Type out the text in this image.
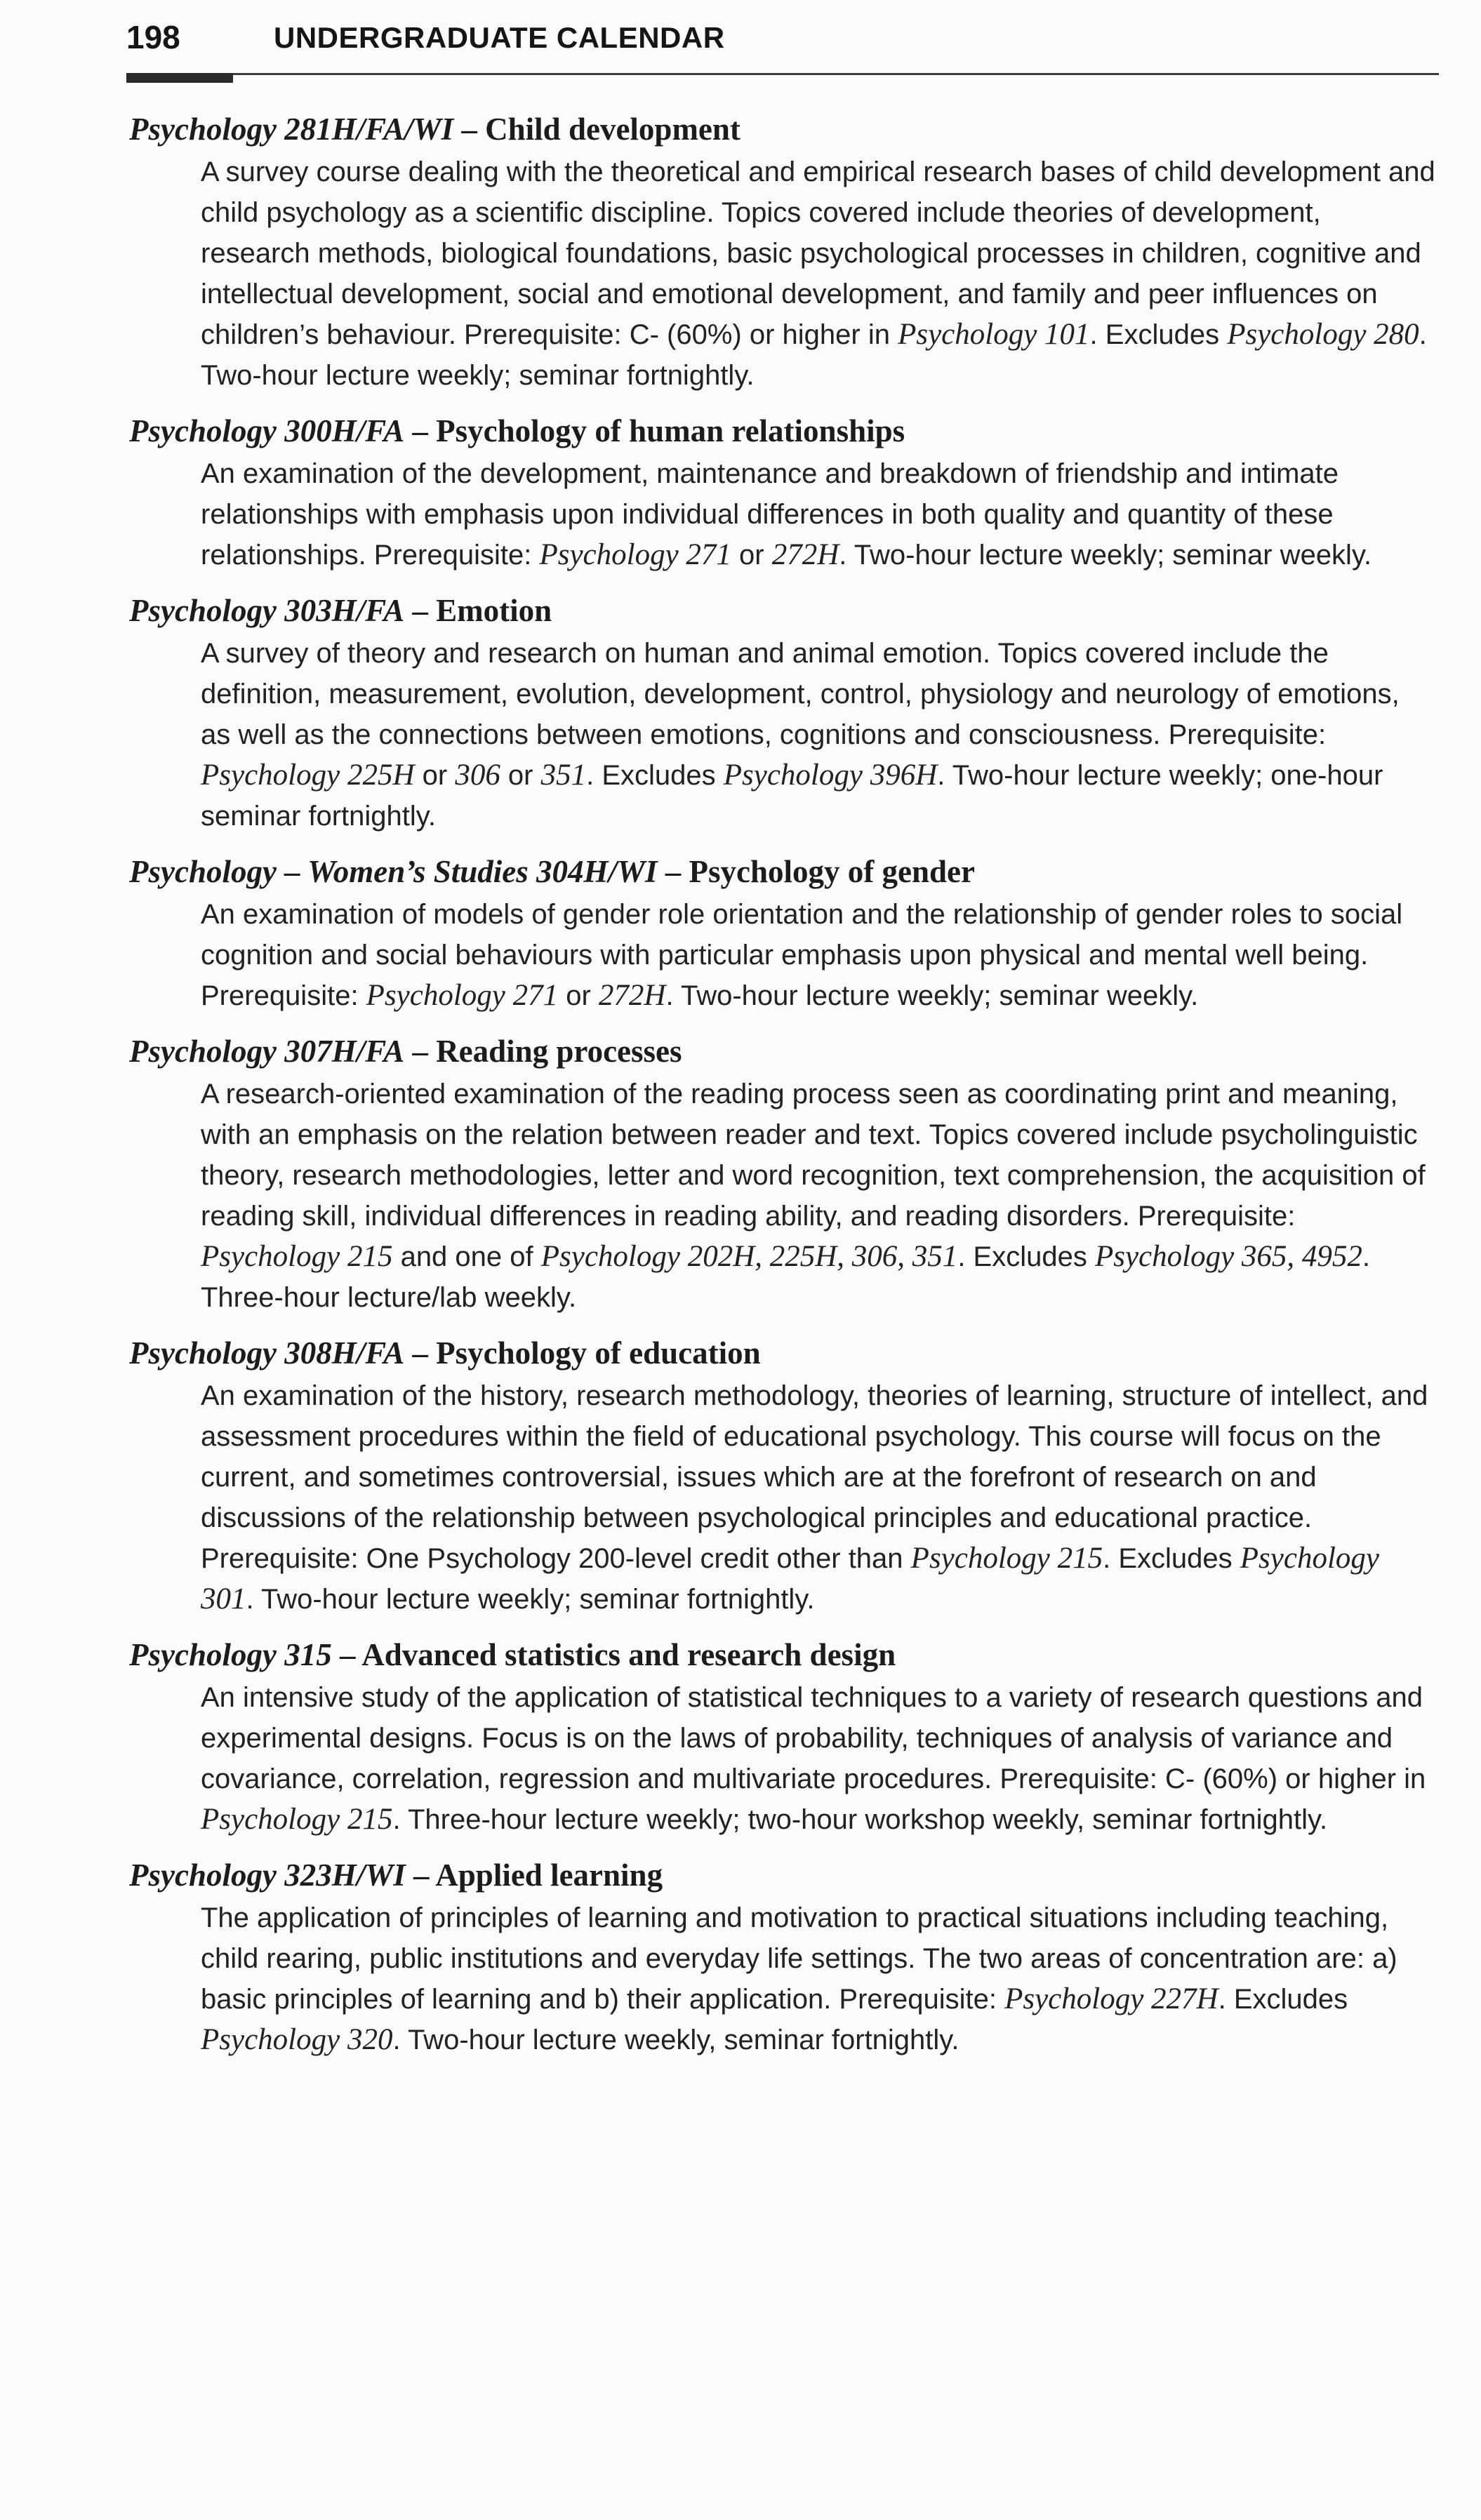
198	UNDERGRADUATE CALENDAR

Psychology 281H/FA/WI – Child development

A survey course dealing with the theoretical and empirical research bases of child development and child psychology as a scientific discipline. Topics covered include theories of development, research methods, biological foundations, basic psychological processes in children, cognitive and intellectual development, social and emotional development, and family and peer influences on children’s behaviour. Prerequisite: C- (60%) or higher in Psychology 101. Excludes Psychology 280. Two-hour lecture weekly; seminar fortnightly.

Psychology 300H/FA – Psychology of human relationships

An examination of the development, maintenance and breakdown of friendship and intimate relationships with emphasis upon individual differences in both quality and quantity of these relationships. Prerequisite: Psychology 271 or 272H. Two-hour lecture weekly; seminar weekly.

Psychology 303H/FA – Emotion

A survey of theory and research on human and animal emotion. Topics covered include the definition, measurement, evolution, development, control, physiology and neurology of emotions, as well as the connections between emotions, cognitions and consciousness. Prerequisite: Psychology 225H or 306 or 351. Excludes Psychology 396H. Two-hour lecture weekly; one-hour seminar fortnightly.

Psychology – Women’s Studies 304H/WI – Psychology of gender

An examination of models of gender role orientation and the relationship of gender roles to social cognition and social behaviours with particular emphasis upon physical and mental well being. Prerequisite: Psychology 271 or 272H. Two-hour lecture weekly; seminar weekly.

Psychology 307H/FA – Reading processes

A research-oriented examination of the reading process seen as coordinating print and meaning, with an emphasis on the relation between reader and text. Topics covered include psycholinguistic theory, research methodologies, letter and word recognition, text comprehension, the acquisition of reading skill, individual differences in reading ability, and reading disorders. Prerequisite: Psychology 215 and one of Psychology 202H, 225H, 306, 351. Excludes Psychology 365, 4952. Three-hour lecture/lab weekly.

Psychology 308H/FA – Psychology of education

An examination of the history, research methodology, theories of learning, structure of intellect, and assessment procedures within the field of educational psychology. This course will focus on the current, and sometimes controversial, issues which are at the forefront of research on and discussions of the relationship between psychological principles and educational practice. Prerequisite: One Psychology 200-level credit other than Psychology 215. Excludes Psychology 301. Two-hour lecture weekly; seminar fortnightly.

Psychology 315 – Advanced statistics and research design

An intensive study of the application of statistical techniques to a variety of research questions and experimental designs. Focus is on the laws of probability, techniques of analysis of variance and covariance, correlation, regression and multivariate procedures. Prerequisite: C- (60%) or higher in Psychology 215. Three-hour lecture weekly; two-hour workshop weekly, seminar fortnightly.

Psychology 323H/WI – Applied learning

The application of principles of learning and motivation to practical situations including teaching, child rearing, public institutions and everyday life settings. The two areas of concentration are: a) basic principles of learning and b) their application. Prerequisite: Psychology 227H. Excludes Psychology 320. Two-hour lecture weekly, seminar fortnightly.
